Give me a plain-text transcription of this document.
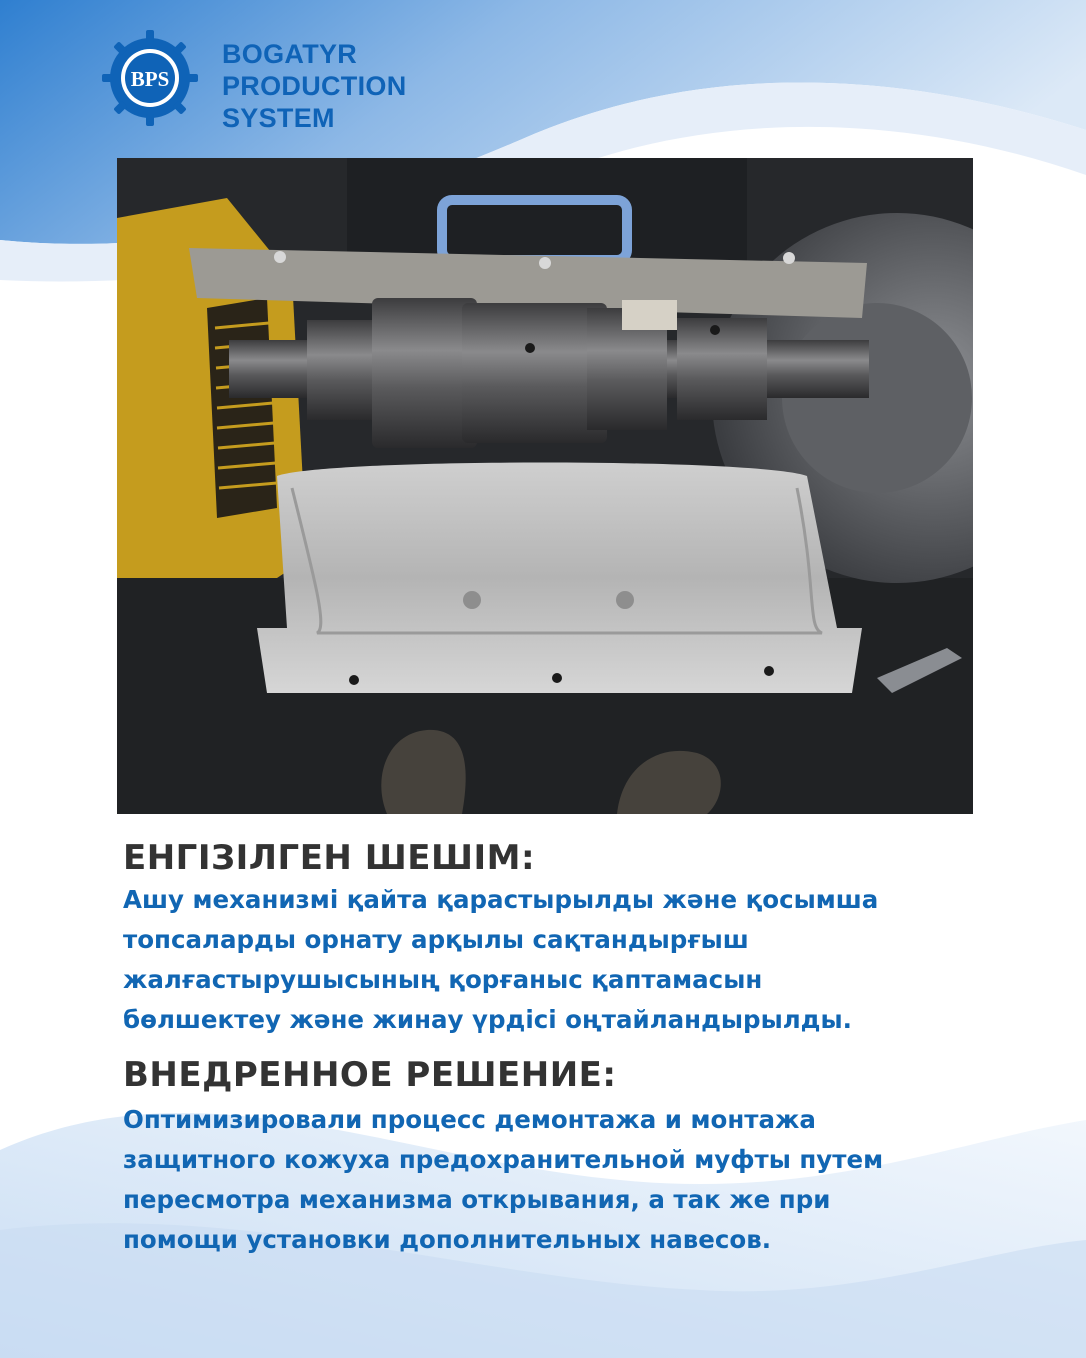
BPS
BOGATYR
PRODUCTION
SYSTEM
ЕНГІЗІЛГЕН ШЕШІМ:

Ашу механизмі қайта қарастырылды және қосымша
топсаларды орнату арқылы сақтандырғыш
жалғастырушысының қорғаныс қаптамасын
бөлшектеу және жинау үрдісі оңтайландырылды.

ВНЕДРЕННОЕ РЕШЕНИЕ:

Оптимизировали процесс демонтажа и монтажа
защитного кожуха предохранительной муфты путем
пересмотра механизма открывания, а так же при
помощи установки дополнительных навесов.
